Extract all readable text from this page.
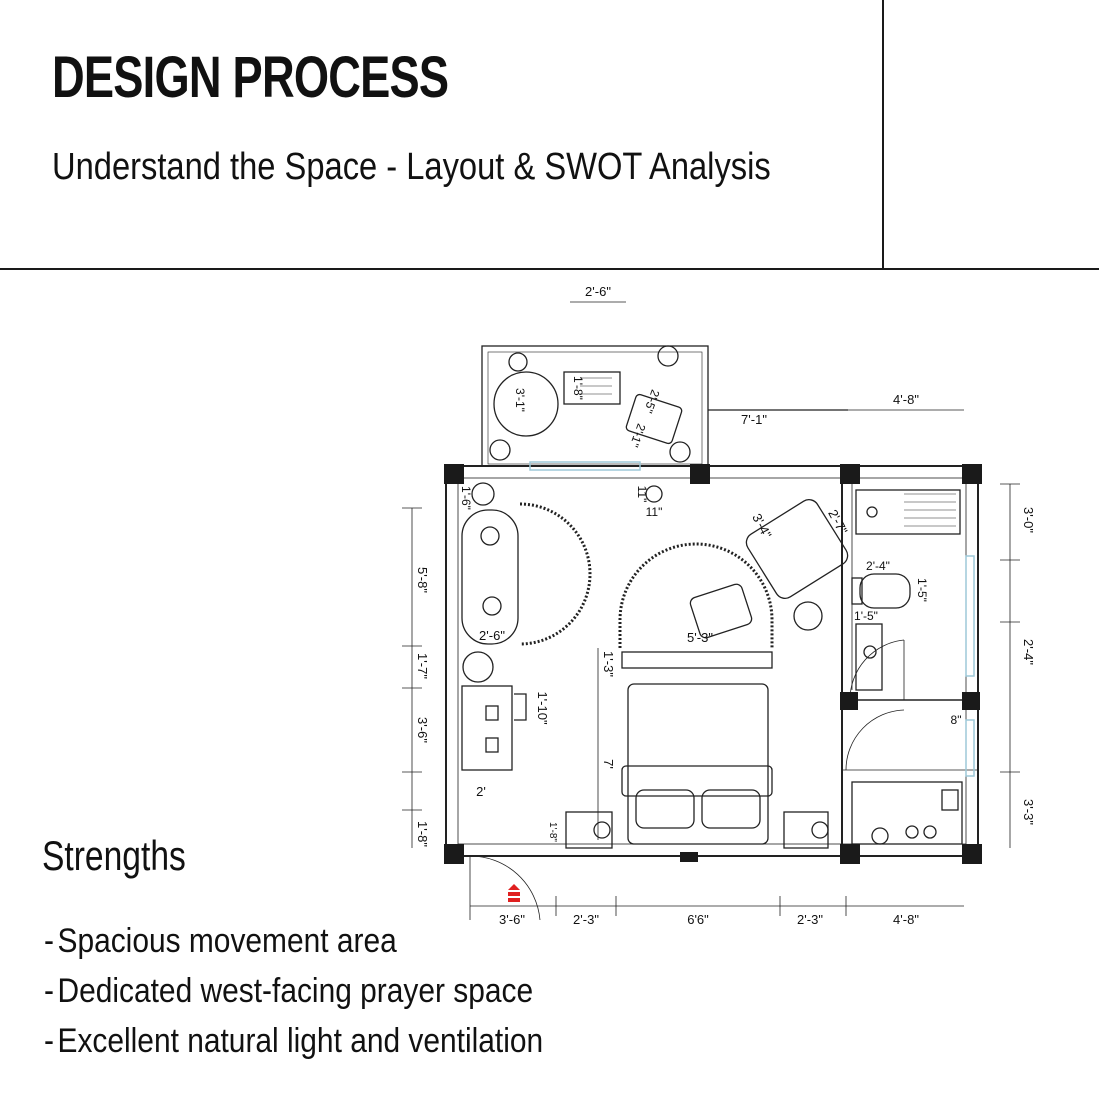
DESIGN PROCESS
Understand the Space - Layout & SWOT Analysis
2'-6"
7'-1"
4'-8"
5'-8"
1'-7"
3'-6"
1'-8"
3'-0"
2'-4"
3'-3"
3'-6"	2'-3"	6'6"	2'-3"	4'-8"
3'-1"
1'-8"	2'-5"
2'-1"
1'-6"	11"
11"	3'-4"	2'-7"
2'-6"	5'-3"
1'-3"
1'-10"
7'
2'
1'-8"
2'-4"
1'-5"
1'-5"
8"
Strengths
- Spacious movement area
- Dedicated west-facing prayer space
- Excellent natural light and ventilation
